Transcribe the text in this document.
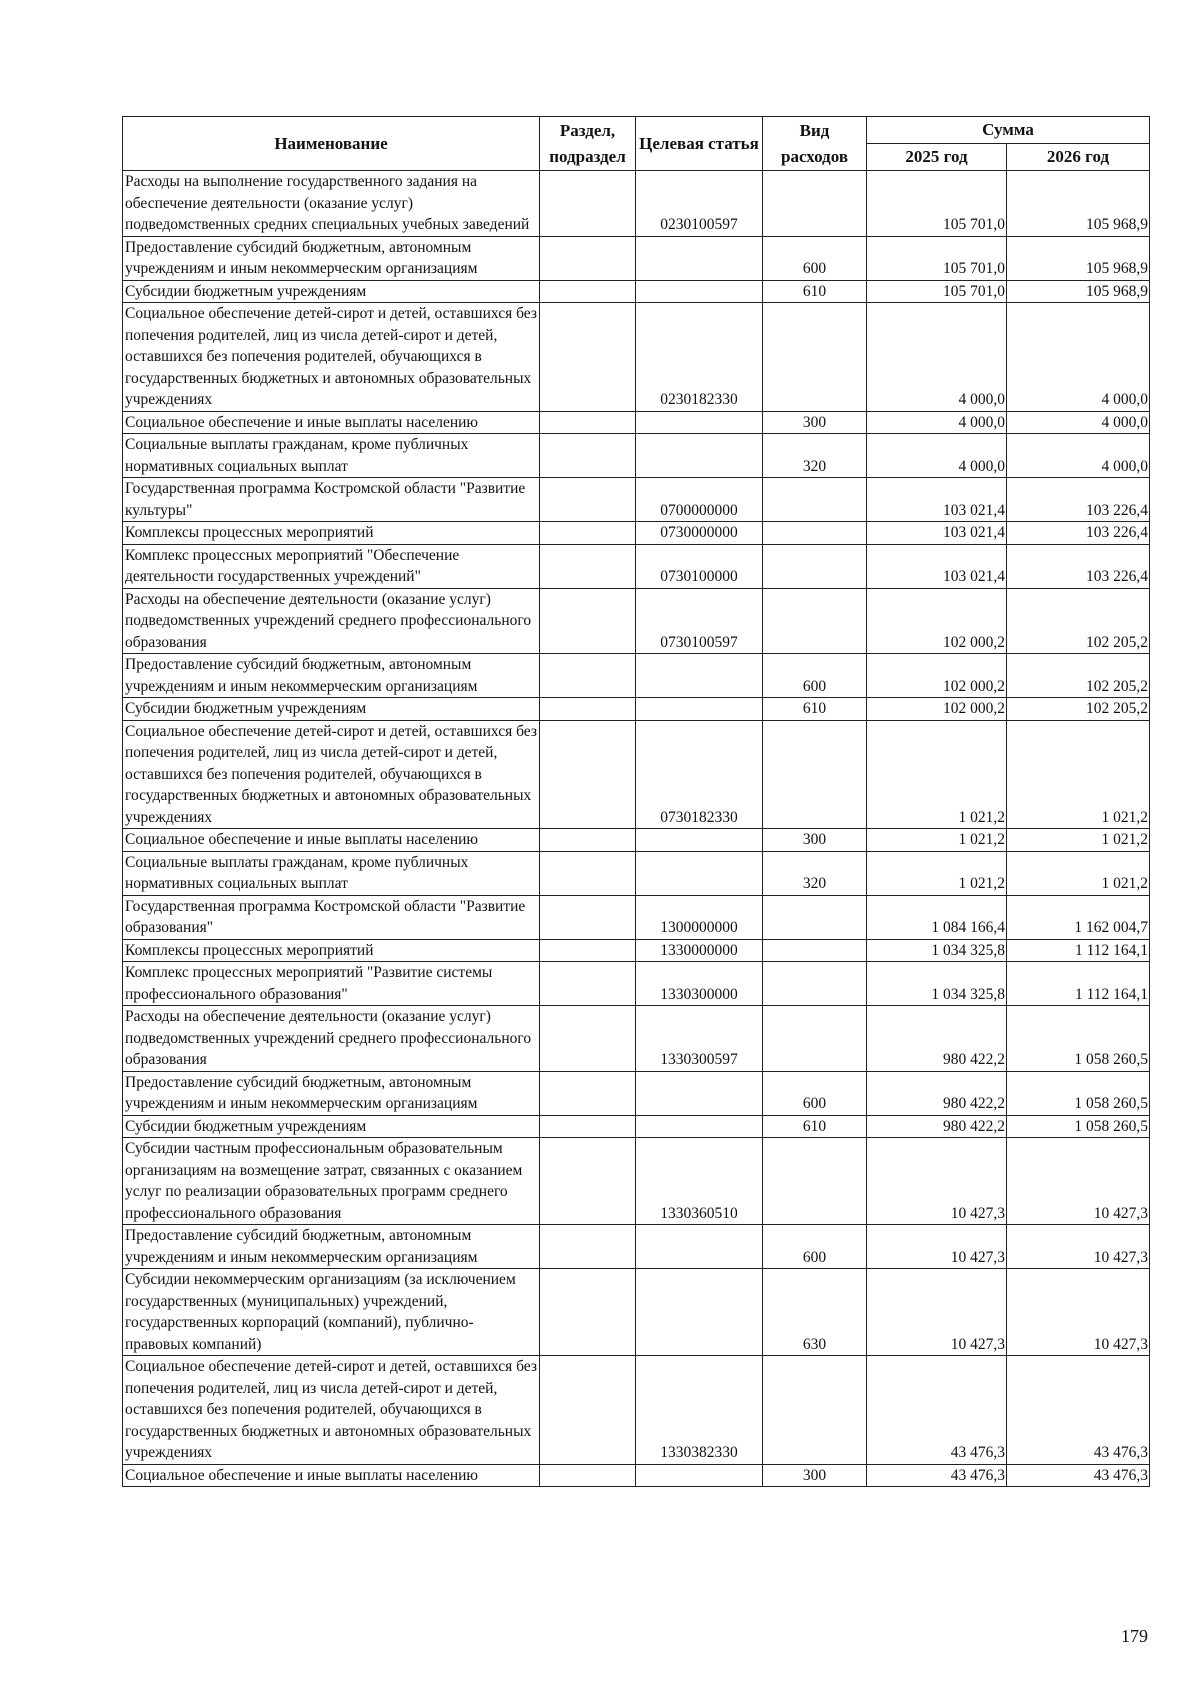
Наименование	Раздел, подраздел	Целевая статья	Вид расходов	Сумма	
				2025 год	2026 год
Расходы на выполнение государственного задания на обеспечение деятельности (оказание услуг) подведомственных средних специальных учебных заведений		0230100597		105 701,0	105 968,9
Предоставление субсидий бюджетным, автономным учреждениям и иным некоммерческим организациям			600	105 701,0	105 968,9
Субсидии бюджетным учреждениям			610	105 701,0	105 968,9
Социальное обеспечение детей-сирот и детей, оставшихся без попечения родителей, лиц из числа детей-сирот и детей, оставшихся без попечения родителей, обучающихся в государственных бюджетных и автономных образовательных учреждениях		0230182330		4 000,0	4 000,0
Социальное обеспечение и иные выплаты населению			300	4 000,0	4 000,0
Социальные выплаты гражданам, кроме публичных нормативных социальных выплат			320	4 000,0	4 000,0
Государственная программа Костромской области "Развитие культуры"		0700000000		103 021,4	103 226,4
Комплексы процессных мероприятий		0730000000		103 021,4	103 226,4
Комплекс процессных мероприятий "Обеспечение деятельности государственных учреждений"		0730100000		103 021,4	103 226,4
Расходы на обеспечение деятельности (оказание услуг) подведомственных учреждений среднего профессионального образования		0730100597		102 000,2	102 205,2
Предоставление субсидий бюджетным, автономным учреждениям и иным некоммерческим организациям			600	102 000,2	102 205,2
Субсидии бюджетным учреждениям			610	102 000,2	102 205,2
Социальное обеспечение детей-сирот и детей, оставшихся без попечения родителей, лиц из числа детей-сирот и детей, оставшихся без попечения родителей, обучающихся в государственных бюджетных и автономных образовательных учреждениях		0730182330		1 021,2	1 021,2
Социальное обеспечение и иные выплаты населению			300	1 021,2	1 021,2
Социальные выплаты гражданам, кроме публичных нормативных социальных выплат			320	1 021,2	1 021,2
Государственная программа Костромской области "Развитие образования"		1300000000		1 084 166,4	1 162 004,7
Комплексы процессных мероприятий		1330000000		1 034 325,8	1 112 164,1
Комплекс процессных мероприятий "Развитие системы профессионального образования"		1330300000		1 034 325,8	1 112 164,1
Расходы на обеспечение деятельности (оказание услуг) подведомственных учреждений среднего профессионального образования		1330300597		980 422,2	1 058 260,5
Предоставление субсидий бюджетным, автономным учреждениям и иным некоммерческим организациям			600	980 422,2	1 058 260,5
Субсидии бюджетным учреждениям			610	980 422,2	1 058 260,5
Субсидии частным профессиональным образовательным организациям на возмещение затрат, связанных с оказанием услуг по реализации образовательных программ среднего профессионального образования		1330360510		10 427,3	10 427,3
Предоставление субсидий бюджетным, автономным учреждениям и иным некоммерческим организациям			600	10 427,3	10 427,3
Субсидии некоммерческим организациям (за исключением государственных (муниципальных) учреждений, государственных корпораций (компаний), публично-правовых компаний)			630	10 427,3	10 427,3
Социальное обеспечение детей-сирот и детей, оставшихся без попечения родителей, лиц из числа детей-сирот и детей, оставшихся без попечения родителей, обучающихся в государственных бюджетных и автономных образовательных учреждениях		1330382330		43 476,3	43 476,3
Социальное обеспечение и иные выплаты населению			300	43 476,3	43 476,3
179
